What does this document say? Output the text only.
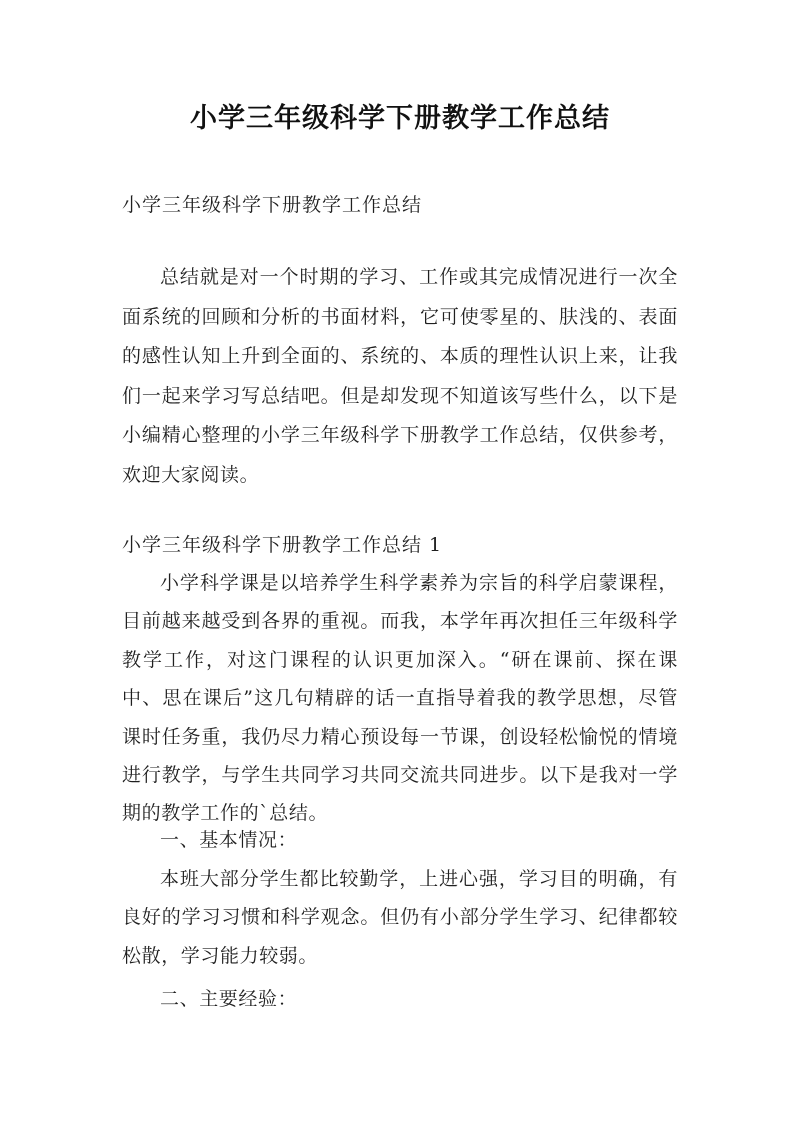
小学三年级科学下册教学工作总结
小学三年级科学下册教学工作总结

总结就是对一个时期的学习、工作或其完成情况进行一次全面系统的回顾和分析的书面材料，它可使零星的、肤浅的、表面的感性认知上升到全面的、系统的、本质的理性认识上来，让我们一起来学习写总结吧。但是却发现不知道该写些什么，以下是小编精心整理的小学三年级科学下册教学工作总结，仅供参考，欢迎大家阅读。

小学三年级科学下册教学工作总结 1

小学科学课是以培养学生科学素养为宗旨的科学启蒙课程，目前越来越受到各界的重视。而我，本学年再次担任三年级科学教学工作，对这门课程的认识更加深入。“研在课前、探在课中、思在课后”这几句精辟的话一直指导着我的教学思想，尽管课时任务重，我仍尽力精心预设每一节课，创设轻松愉悦的情境进行教学，与学生共同学习共同交流共同进步。以下是我对一学期的教学工作的`总结。

一、基本情况：

本班大部分学生都比较勤学，上进心强，学习目的明确，有良好的学习习惯和科学观念。但仍有小部分学生学习、纪律都较松散，学习能力较弱。

二、主要经验：
